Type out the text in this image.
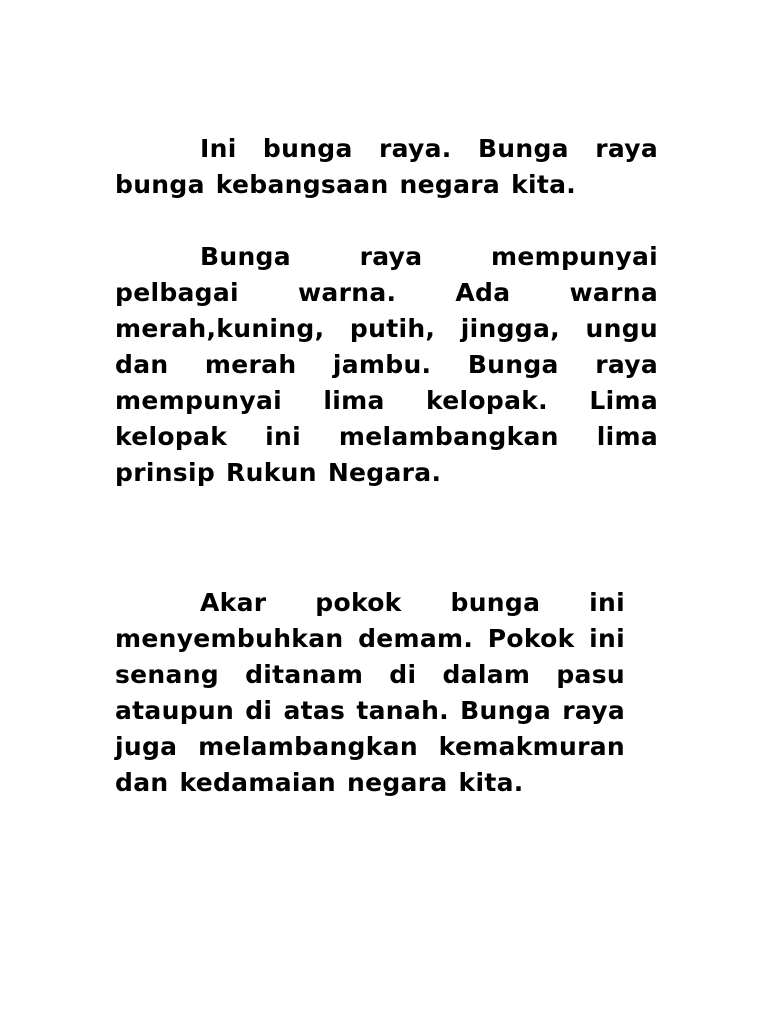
Ini bunga raya. Bunga raya bunga kebangsaan negara kita.

Bunga raya mempunyai pelbagai warna. Ada warna merah,kuning, putih, jingga, ungu dan merah jambu. Bunga raya mempunyai lima kelopak. Lima kelopak ini melambangkan lima prinsip Rukun Negara.

Akar pokok bunga ini menyembuhkan demam. Pokok ini senang ditanam di dalam pasu ataupun di atas tanah. Bunga raya juga melambangkan kemakmuran dan kedamaian negara kita.
